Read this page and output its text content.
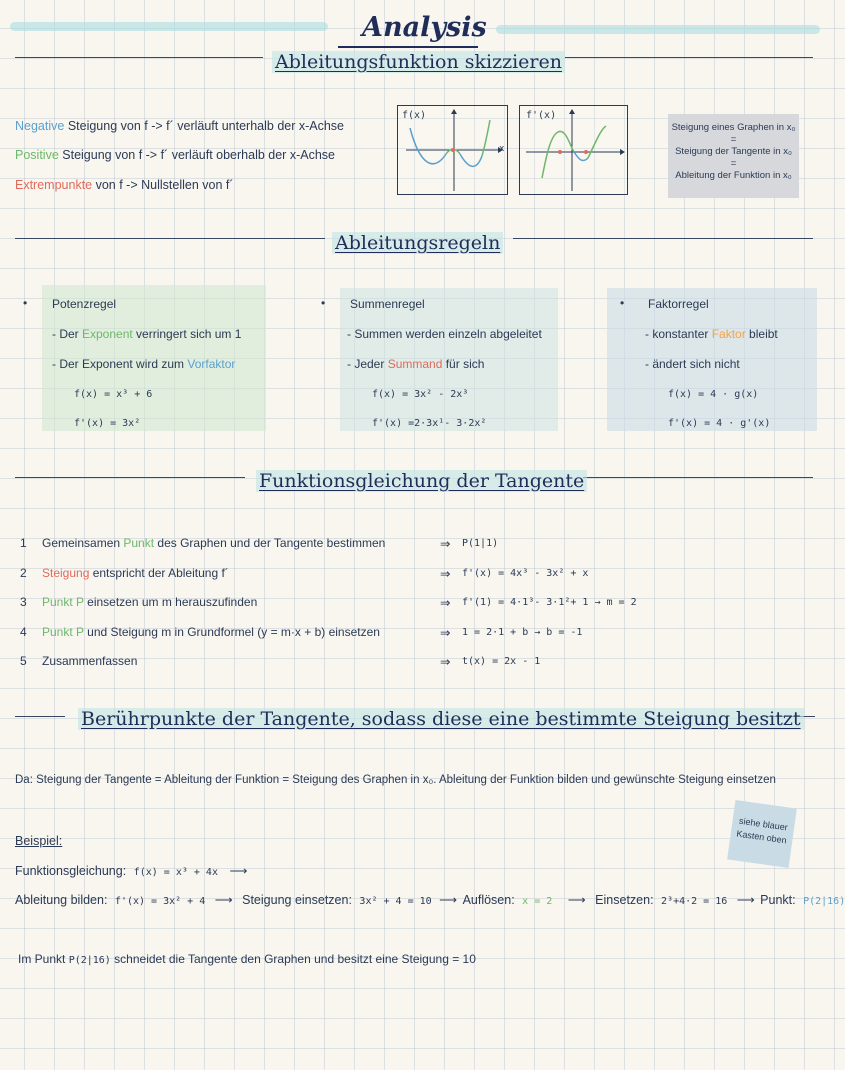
Analysis
Ableitungsfunktion skizzieren
Negative Steigung von f -> f´ verläuft unterhalb der x-Achse
Positive Steigung von f -> f´ verläuft oberhalb der x-Achse
Extrempunkte von f -> Nullstellen von f´
f(x)
x
f'(x)
Steigung eines Graphen in x₀
=
Steigung der Tangente in x₀
=
Ableitung der Funktion in x₀
Ableitungsregeln
• Potenzregel
- Der Exponent verringert sich um 1
- Der Exponent wird zum Vorfaktor
f(x) = x³ + 6
f'(x) = 3x²
• Summenregel
- Summen werden einzeln abgeleitet
- Jeder Summand für sich
f(x) = 3x² - 2x³
f'(x) =2·3x¹- 3·2x²
• Faktorregel
- konstanter Faktor bleibt
- ändert sich nicht
f(x) = 4 · g(x)
f'(x) = 4 · g'(x)
Funktionsgleichung der Tangente
1 Gemeinsamen Punkt des Graphen und der Tangente bestimmen	⇒ P(1|1)
2 Steigung entspricht der Ableitung f´	⇒ f'(x) = 4x³ - 3x² + x
3 Punkt P einsetzen um m herauszufinden	⇒ f'(1) = 4·1³- 3·1²+ 1 → m = 2
4 Punkt P und Steigung m in Grundformel (y = m·x + b) einsetzen	⇒ 1 = 2·1 + b → b = -1
5 Zusammenfassen	⇒ t(x) = 2x - 1
Berührpunkte der Tangente, sodass diese eine bestimmte Steigung besitzt
Da: Steigung der Tangente = Ableitung der Funktion = Steigung des Graphen in x₀. Ableitung der Funktion bilden und gewünschte Steigung einsetzen
siehe blauer Kasten oben
Beispiel:
Funktionsgleichung: f(x) = x³ + 4x ⟶
Ableitung bilden: f'(x) = 3x² + 4 ⟶ Steigung einsetzen: 3x² + 4 = 10 ⟶ Auflösen: x = 2 ⟶ Einsetzen: 2³+4·2 = 16 ⟶ Punkt: P(2|16)
Im Punkt P(2|16) schneidet die Tangente den Graphen und besitzt eine Steigung = 10
